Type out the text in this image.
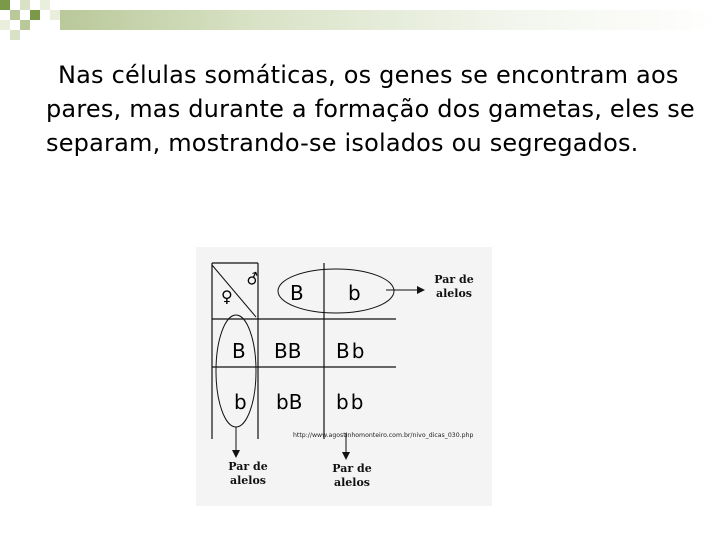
Nas células somáticas, os genes se encontram aos pares, mas durante a formação dos gametas, eles se separam, mostrando-se isolados ou segregados.
♀
♂
B b
Par de
alelos
B
b
BB Bb
bB bb
http://www.agostinhomonteiro.com.br/nivo_dicas_030.php
Par de
alelos
Par de
alelos
